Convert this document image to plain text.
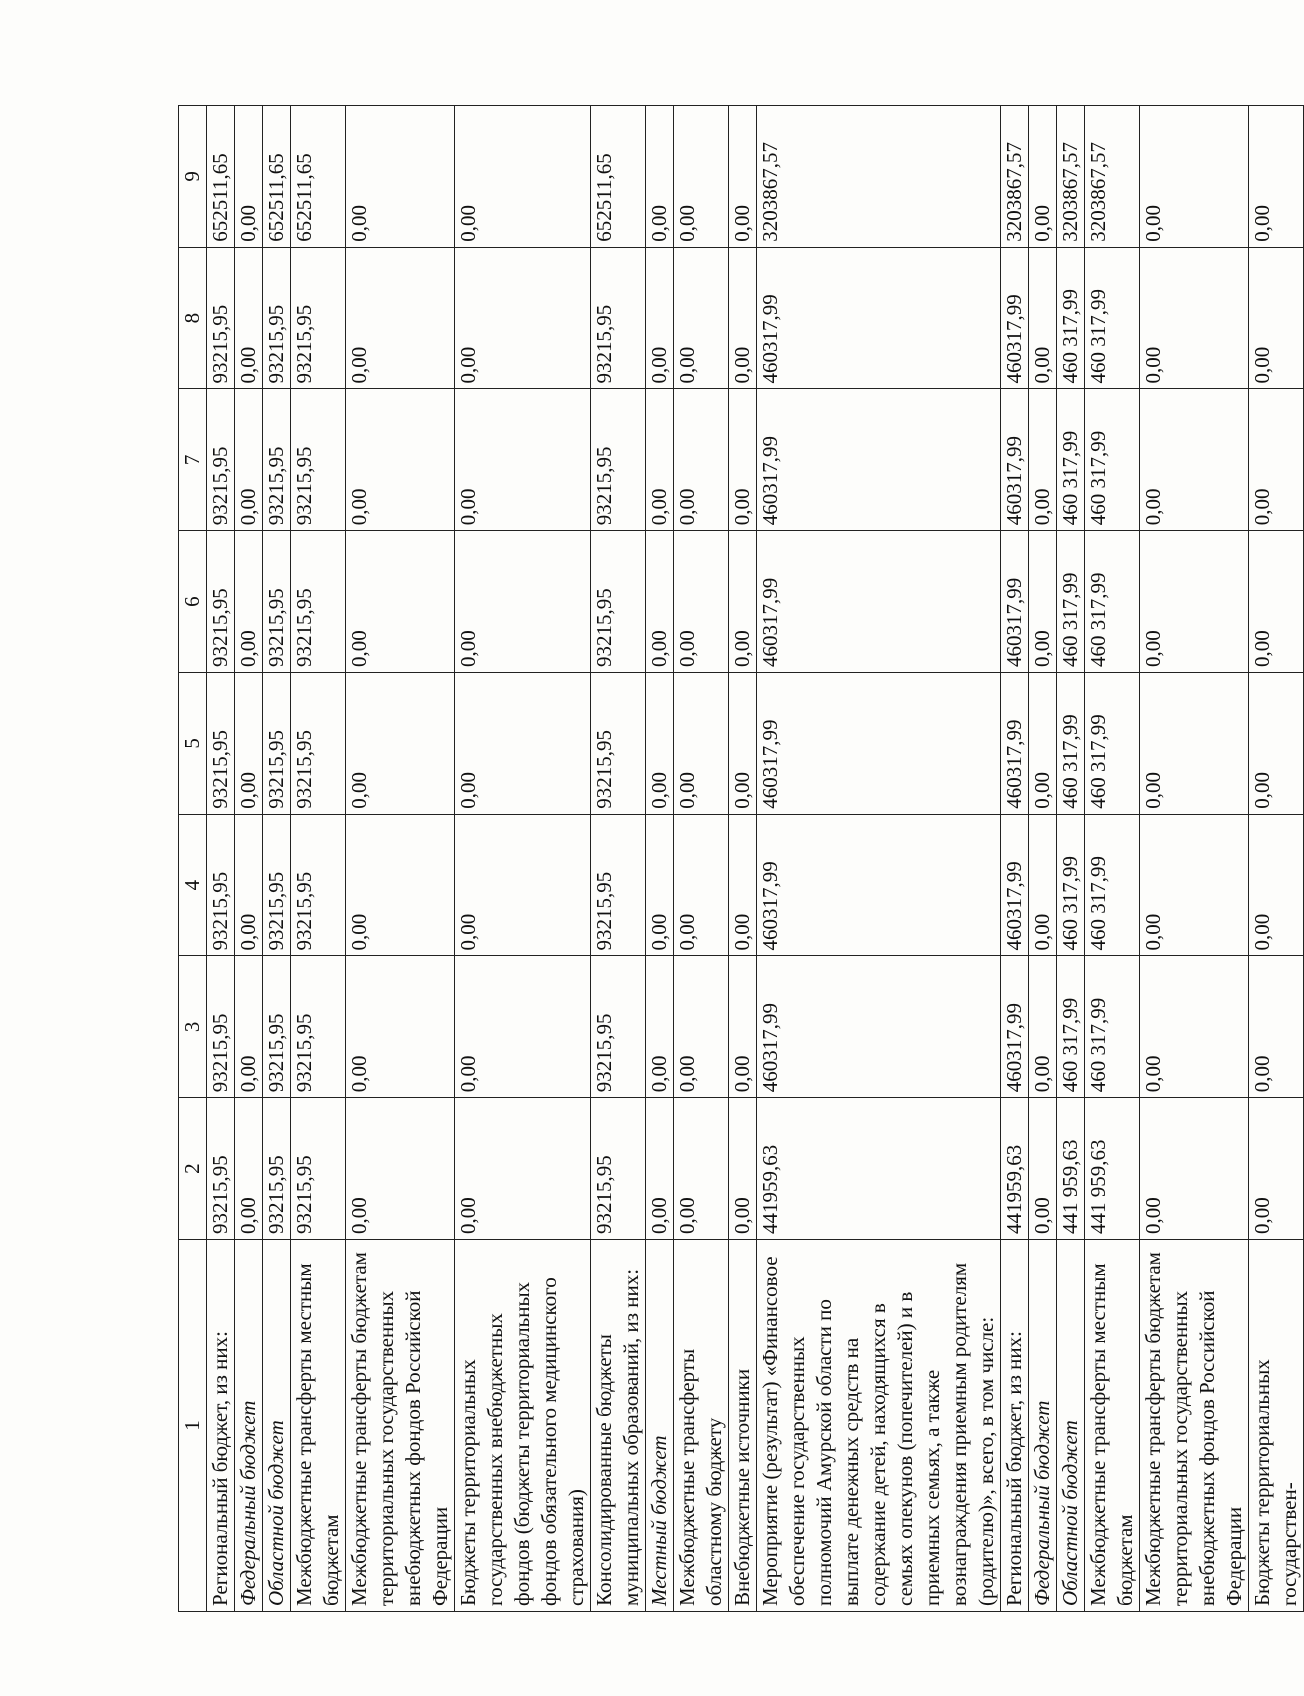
1	2	3	4	5	6	7	8	9
Региональный бюджет, из них:	93215,95	93215,95	93215,95	93215,95	93215,95	93215,95	93215,95	652511,65
Федеральный бюджет	0,00	0,00	0,00	0,00	0,00	0,00	0,00	0,00
Областной бюджет	93215,95	93215,95	93215,95	93215,95	93215,95	93215,95	93215,95	652511,65
Межбюджетные трансферты местным бюджетам	93215,95	93215,95	93215,95	93215,95	93215,95	93215,95	93215,95	652511,65
Межбюджетные трансферты бюджетам территориальных государственных внебюджетных фондов Российской Федерации	0,00	0,00	0,00	0,00	0,00	0,00	0,00	0,00
Бюджеты территориальных государственных внебюджетных фондов (бюджеты территориальных фондов обязательного медицинского страхования)	0,00	0,00	0,00	0,00	0,00	0,00	0,00	0,00
Консолидированные бюджеты муниципальных образований, из них:	93215,95	93215,95	93215,95	93215,95	93215,95	93215,95	93215,95	652511,65
Местный бюджет	0,00	0,00	0,00	0,00	0,00	0,00	0,00	0,00
Межбюджетные трансферты областному бюджету	0,00	0,00	0,00	0,00	0,00	0,00	0,00	0,00
Внебюджетные источники	0,00	0,00	0,00	0,00	0,00	0,00	0,00	0,00
Мероприятие (результат) «Финансовое обеспечение государственных полномочий Амурской области по выплате денежных средств на содержание детей, находящихся в семьях опекунов (попечителей) и в приемных семьях, а также вознаграждения приемным родителям (родителю)», всего, в том числе:	441959,63	460317,99	460317,99	460317,99	460317,99	460317,99	460317,99	3203867,57
Региональный бюджет, из них:	441959,63	460317,99	460317,99	460317,99	460317,99	460317,99	460317,99	3203867,57
Федеральный бюджет	0,00	0,00	0,00	0,00	0,00	0,00	0,00	0,00
Областной бюджет	441 959,63	460 317,99	460 317,99	460 317,99	460 317,99	460 317,99	460 317,99	3203867,57
Межбюджетные трансферты местным бюджетам	441 959,63	460 317,99	460 317,99	460 317,99	460 317,99	460 317,99	460 317,99	3203867,57
Межбюджетные трансферты бюджетам территориальных государственных внебюджетных фондов Российской Федерации	0,00	0,00	0,00	0,00	0,00	0,00	0,00	0,00
Бюджеты территориальных государствен-	0,00	0,00	0,00	0,00	0,00	0,00	0,00	0,00
